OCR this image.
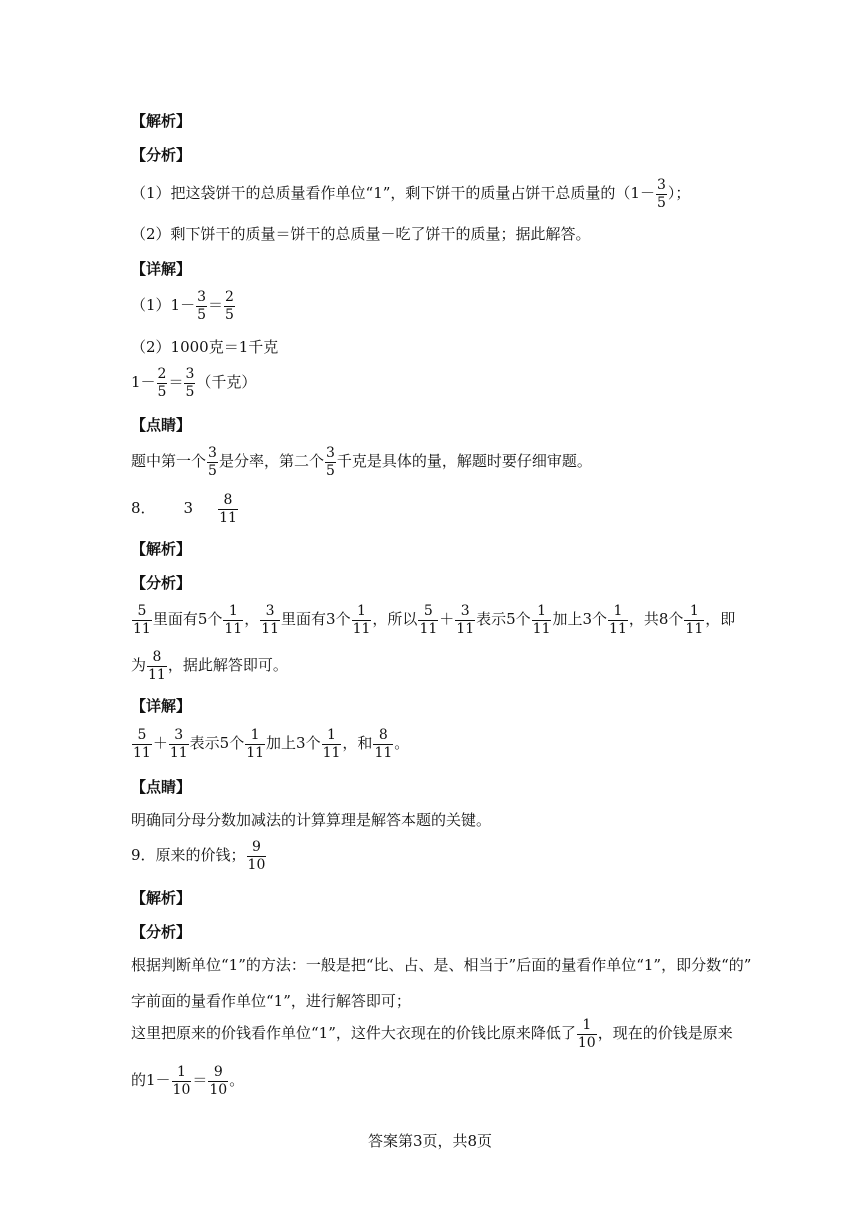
【解析】
【分析】
（1）把这袋饼干的总质量看作单位“1”，剩下饼干的质量占饼干总质量的（$1- \frac{3}{5}$ ）；
（2）剩下饼干的质量＝饼干的总质量－吃了饼干的质量；据此解答。
【详解】
$(1)1- \frac{3}{5} = \frac{2}{5}$
（2）1000克＝1千克
$1- \frac{2}{5} = \frac{3}{5}$ （千克）
【点睛】
题中第一个 $\frac{3}{5}$ 是分率，第二个 $\frac{3}{5}$ 千克是具体的量，解题时要仔细审题。
8． $3 \frac{8}{11}$
【解析】
【分析】
$\frac{5}{11}$ 里面有5个 $\frac{1}{11}$ ， $\frac{3}{11}$ 里面有3个 $\frac{1}{11}$ ，所以 $\frac{5}{11} + \frac{3}{11}$ 表示5个 $\frac{1}{11}$ 加上3个 $\frac{1}{11}$ ，共8个 $\frac{1}{11}$ ，即
为 $\frac{8}{11}$ ，据此解答即可。
【详解】
$\frac{5}{11} + \frac{3}{11}$ 表示5个 $\frac{1}{11}$ 加上3个 $\frac{1}{11}$ ，和 $\frac{8}{11}$ 。
【点睛】
明确同分母分数加减法的计算算理是解答本题的关键。
9．原来的价钱； $\frac{9}{10}$
【解析】
【分析】
根据判断单位“1”的方法：一般是把“比、占、是、相当于”后面的量看作单位“1”，即分数“的”
字前面的量看作单位“1”，进行解答即可；
这里把原来的价钱看作单位“1”，这件大衣现在的价钱比原来降低了 $\frac{1}{10}$ ，现在的价钱是原来
的$1- \frac{1}{10} = \frac{9}{10}$ 。
答案第3页，共8页
